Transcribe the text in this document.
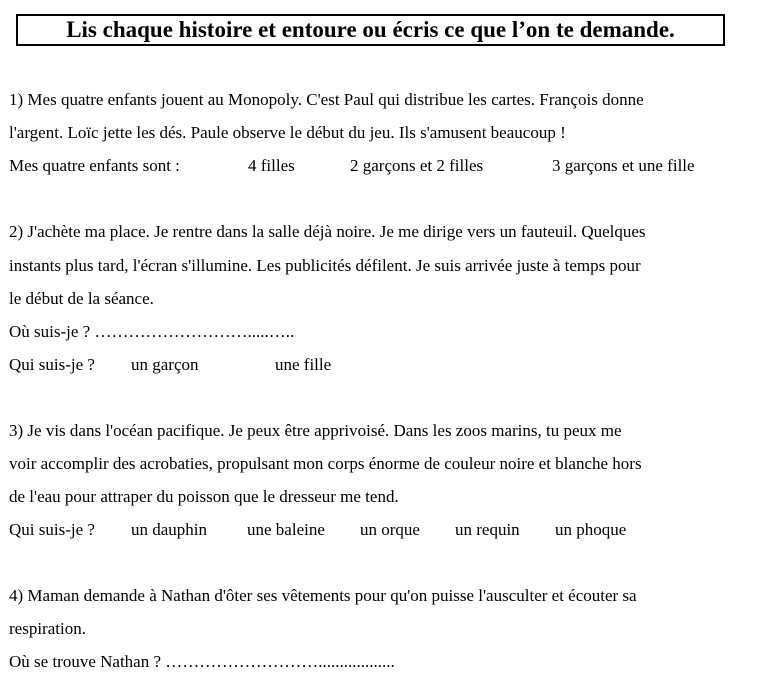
Lis chaque histoire et entoure ou écris ce que l’on te demande.
1) Mes quatre enfants jouent au Monopoly. C'est Paul qui distribue les cartes. François donne
l'argent. Loïc jette les dés. Paule observe le début du jeu. Ils s'amusent beaucoup !
Mes quatre enfants sont :	4 filles	2 garçons et 2 filles	3 garçons et une fille
2) J'achète ma place. Je rentre dans la salle déjà noire. Je me dirige vers un fauteuil. Quelques
instants plus tard, l'écran s'illumine. Les publicités défilent. Je suis arrivée juste à temps pour
le début de la séance.
Où suis-je ? ……………………….....…..
Qui suis-je ? un garçon	une fille
3) Je vis dans l'océan pacifique. Je peux être apprivoisé. Dans les zoos marins, tu peux me
voir accomplir des acrobaties, propulsant mon corps énorme de couleur noire et blanche hors
de l'eau pour attraper du poisson que le dresseur me tend.
Qui suis-je ? un dauphin une baleine un orque un requin un phoque
4) Maman demande à Nathan d'ôter ses vêtements pour qu'on puisse l'ausculter et écouter sa
respiration.
Où se trouve Nathan ? ………………………..................
